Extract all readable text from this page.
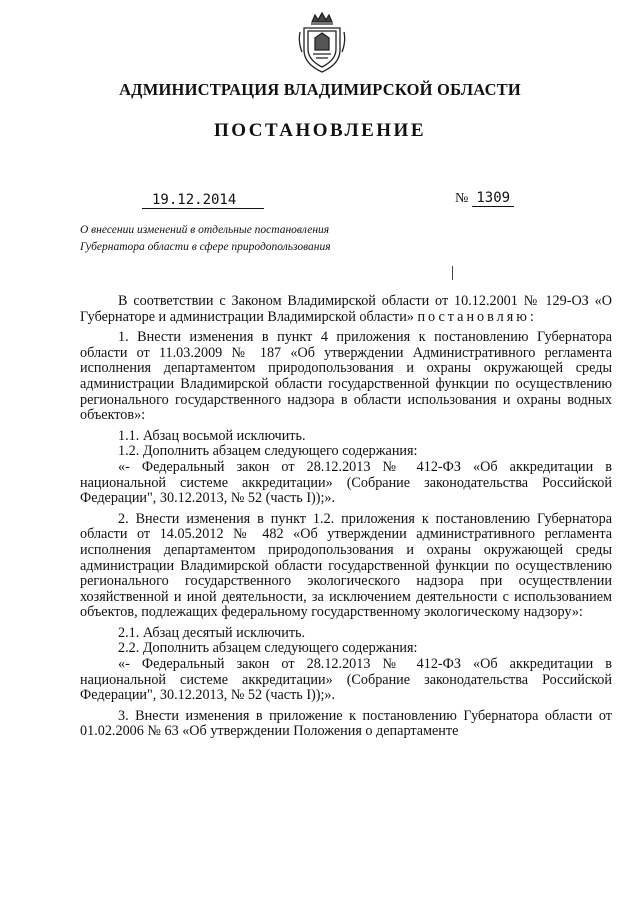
АДМИНИСТРАЦИЯ ВЛАДИМИРСКОЙ ОБЛАСТИ
ПОСТАНОВЛЕНИЕ
19.12.2014	№ 1309
О внесении изменений в отдельные постановления Губернатора области в сфере природопользования

В соответствии с Законом Владимирской области от 10.12.2001 № 129-ОЗ «О Губернаторе и администрации Владимирской области» постановляю:

1. Внести изменения в пункт 4 приложения к постановлению Губернатора области от 11.03.2009 № 187 «Об утверждении Административного регламента исполнения департаментом природопользования и охраны окружающей среды администрации Владимирской области государственной функции по осуществлению регионального государственного надзора в области использования и охраны водных объектов»:

1.1. Абзац восьмой исключить.

1.2. Дополнить абзацем следующего содержания:

«- Федеральный закон от 28.12.2013 № 412-ФЗ «Об аккредитации в национальной системе аккредитации» (Собрание законодательства Российской Федерации", 30.12.2013, № 52 (часть I));».

2. Внести изменения в пункт 1.2. приложения к постановлению Губернатора области от 14.05.2012 № 482 «Об утверждении административного регламента исполнения департаментом природопользования и охраны окружающей среды администрации Владимирской области государственной функции по осуществлению регионального государственного экологического надзора при осуществлении хозяйственной и иной деятельности, за исключением деятельности с использованием объектов, подлежащих федеральному государственному экологическому надзору»:

2.1. Абзац десятый исключить.

2.2. Дополнить абзацем следующего содержания:

«- Федеральный закон от 28.12.2013 № 412-ФЗ «Об аккредитации в национальной системе аккредитации» (Собрание законодательства Российской Федерации", 30.12.2013, № 52 (часть I));».

3. Внести изменения в приложение к постановлению Губернатора области от 01.02.2006 № 63 «Об утверждении Положения о департаменте
